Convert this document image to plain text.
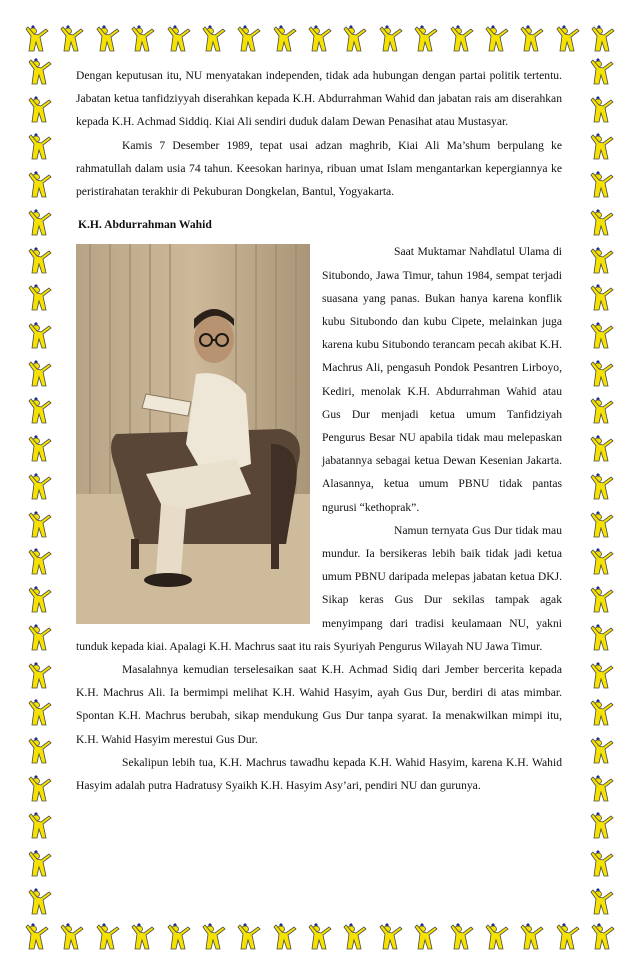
Dengan keputusan itu, NU menyatakan independen, tidak ada hubungan dengan partai politik tertentu. Jabatan ketua tanfidziyyah diserahkan kepada K.H. Abdurrahman Wahid dan jabatan rais am diserahkan kepada K.H. Achmad Siddiq. Kiai Ali sendiri duduk dalam Dewan Penasihat atau Mustasyar.

Kamis 7 Desember 1989, tepat usai adzan maghrib, Kiai Ali Ma’shum berpulang ke rahmatullah dalam usia 74 tahun. Keesokan harinya, ribuan umat Islam mengantarkan kepergiannya ke peristirahatan terakhir di Pekuburan Dongkelan, Bantul, Yogyakarta.

K.H. Abdurrahman Wahid

Saat Muktamar Nahdlatul Ulama di Situbondo, Jawa Timur, tahun 1984, sempat terjadi suasana yang panas. Bukan hanya karena konflik kubu Situbondo dan kubu Cipete, melainkan juga karena kubu Situbondo terancam pecah akibat K.H. Machrus Ali, pengasuh Pondok Pesantren Lirboyo, Kediri, menolak K.H. Abdurrahman Wahid atau Gus Dur menjadi ketua umum Tanfidziyah Pengurus Besar NU apabila tidak mau melepaskan jabatannya sebagai ketua Dewan Kesenian Jakarta. Alasannya, ketua umum PBNU tidak pantas ngurusi “kethoprak”.

Namun ternyata Gus Dur tidak mau mundur. Ia bersikeras lebih baik tidak jadi ketua umum PBNU daripada melepas jabatan ketua DKJ. Sikap keras Gus Dur sekilas tampak agak menyimpang dari tradisi keulamaan NU, yakni tunduk kepada kiai. Apalagi K.H. Machrus saat itu rais Syuriyah Pengurus Wilayah NU Jawa Timur.

Masalahnya kemudian terselesaikan saat K.H. Achmad Sidiq dari Jember bercerita kepada K.H. Machrus Ali. Ia bermimpi melihat K.H. Wahid Hasyim, ayah Gus Dur, berdiri di atas mimbar. Spontan K.H. Machrus berubah, sikap mendukung Gus Dur tanpa syarat. Ia menakwilkan mimpi itu, K.H. Wahid Hasyim merestui Gus Dur.

Sekalipun lebih tua, K.H. Machrus tawadhu kepada K.H. Wahid Hasyim, karena K.H. Wahid Hasyim adalah putra Hadratusy Syaikh K.H. Hasyim Asy’ari, pendiri NU dan gurunya.
